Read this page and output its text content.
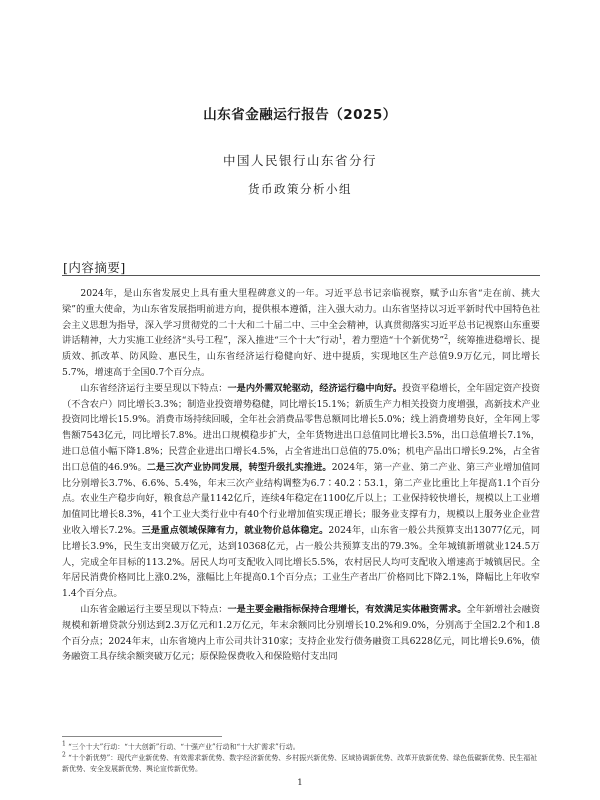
山东省金融运行报告（2025）
中国人民银行山东省分行
货币政策分析小组
[内容摘要]

2024年，是山东省发展史上具有重大里程碑意义的一年。习近平总书记亲临视察，赋予山东省“走在前、挑大梁”的重大使命，为山东省发展指明前进方向，提供根本遵循，注入强大动力。山东省坚持以习近平新时代中国特色社会主义思想为指导，深入学习贯彻党的二十大和二十届二中、三中全会精神，认真贯彻落实习近平总书记视察山东重要讲话精神，大力实施工业经济“头号工程”，深入推进“三个十大”行动$^1$，着力塑造“十个新优势”$^2$，统筹推进稳增长、提质效、抓改革、防风险、惠民生，山东省经济运行稳健向好、进中提质，实现地区生产总值9.9万亿元，同比增长5.7%，增速高于全国0.7个百分点。

山东省经济运行主要呈现以下特点：一是内外需双轮驱动，经济运行稳中向好。投资平稳增长，全年固定资产投资（不含农户）同比增长3.3%；制造业投资增势稳健，同比增长15.1%；新质生产力相关投资力度增强，高新技术产业投资同比增长15.9%。消费市场持续回暖，全年社会消费品零售总额同比增长5.0%；线上消费增势良好，全年网上零售额7543亿元，同比增长7.8%。进出口规模稳步扩大，全年货物进出口总值同比增长3.5%，出口总值增长7.1%，进口总值小幅下降1.8%；民营企业进出口增长4.5%，占全省进出口总值的75.0%；机电产品出口增长9.2%，占全省出口总值的46.9%。二是三次产业协同发展，转型升级扎实推进。2024年，第一产业、第二产业、第三产业增加值同比分别增长3.7%、6.6%、5.4%，年末三次产业结构调整为6.7∶40.2∶53.1，第二产业比重比上年提高1.1个百分点。农业生产稳步向好，粮食总产量1142亿斤，连续4年稳定在1100亿斤以上；工业保持较快增长，规模以上工业增加值同比增长8.3%，41个工业大类行业中有40个行业增加值实现正增长；服务业支撑有力，规模以上服务业企业营业收入增长7.2%。三是重点领域保障有力，就业物价总体稳定。2024年，山东省一般公共预算支出13077亿元，同比增长3.9%，民生支出突破万亿元，达到10368亿元，占一般公共预算支出的79.3%。全年城镇新增就业124.5万人，完成全年目标的113.2%。居民人均可支配收入同比增长5.5%，农村居民人均可支配收入增速高于城镇居民。全年居民消费价格同比上涨0.2%，涨幅比上年提高0.1个百分点；工业生产者出厂价格同比下降2.1%，降幅比上年收窄1.4个百分点。

山东省金融运行主要呈现以下特点：一是主要金融指标保持合理增长，有效满足实体融资需求。全年新增社会融资规模和新增贷款分别达到2.3万亿元和1.2万亿元，年末余额同比分别增长10.2%和9.0%，分别高于全国2.2个和1.8个百分点；2024年末，山东省境内上市公司共计310家；支持企业发行债务融资工具6228亿元，同比增长9.6%，债务融资工具存续余额突破万亿元；原保险保费收入和保险赔付支出同

$^1$ “三个十大”行动：“十大创新”行动、“十强产业”行动和“十大扩需求”行动。
$^2$ “十个新优势”：现代产业新优势、有效需求新优势、数字经济新优势、乡村振兴新优势、区域协调新优势、改革开放新优势、绿色低碳新优势、民生福祉新优势、安全发展新优势、舆论宣传新优势。
1
